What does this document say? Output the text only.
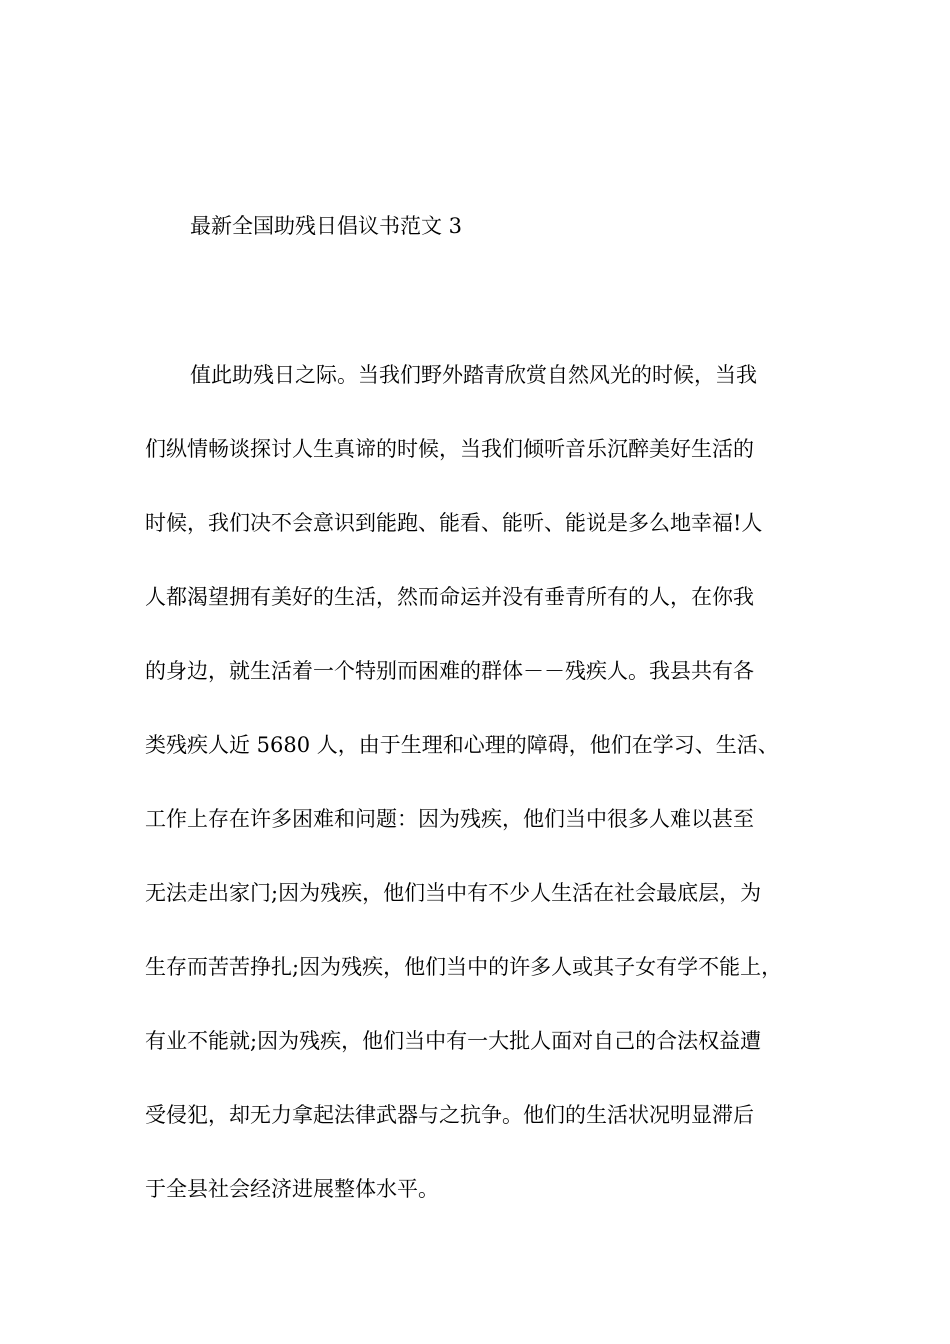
最新全国助残日倡议书范文 3
值此助残日之际。当我们野外踏青欣赏自然风光的时候，当我
们纵情畅谈探讨人生真谛的时候，当我们倾听音乐沉醉美好生活的
时候，我们决不会意识到能跑、能看、能听、能说是多么地幸福!人
人都渴望拥有美好的生活，然而命运并没有垂青所有的人，在你我
的身边，就生活着一个特别而困难的群体－－残疾人。我县共有各
类残疾人近 5680 人，由于生理和心理的障碍，他们在学习、生活、
工作上存在许多困难和问题：因为残疾，他们当中很多人难以甚至
无法走出家门;因为残疾，他们当中有不少人生活在社会最底层，为
生存而苦苦挣扎;因为残疾，他们当中的许多人或其子女有学不能上，
有业不能就;因为残疾，他们当中有一大批人面对自己的合法权益遭
受侵犯，却无力拿起法律武器与之抗争。他们的生活状况明显滞后
于全县社会经济进展整体水平。
